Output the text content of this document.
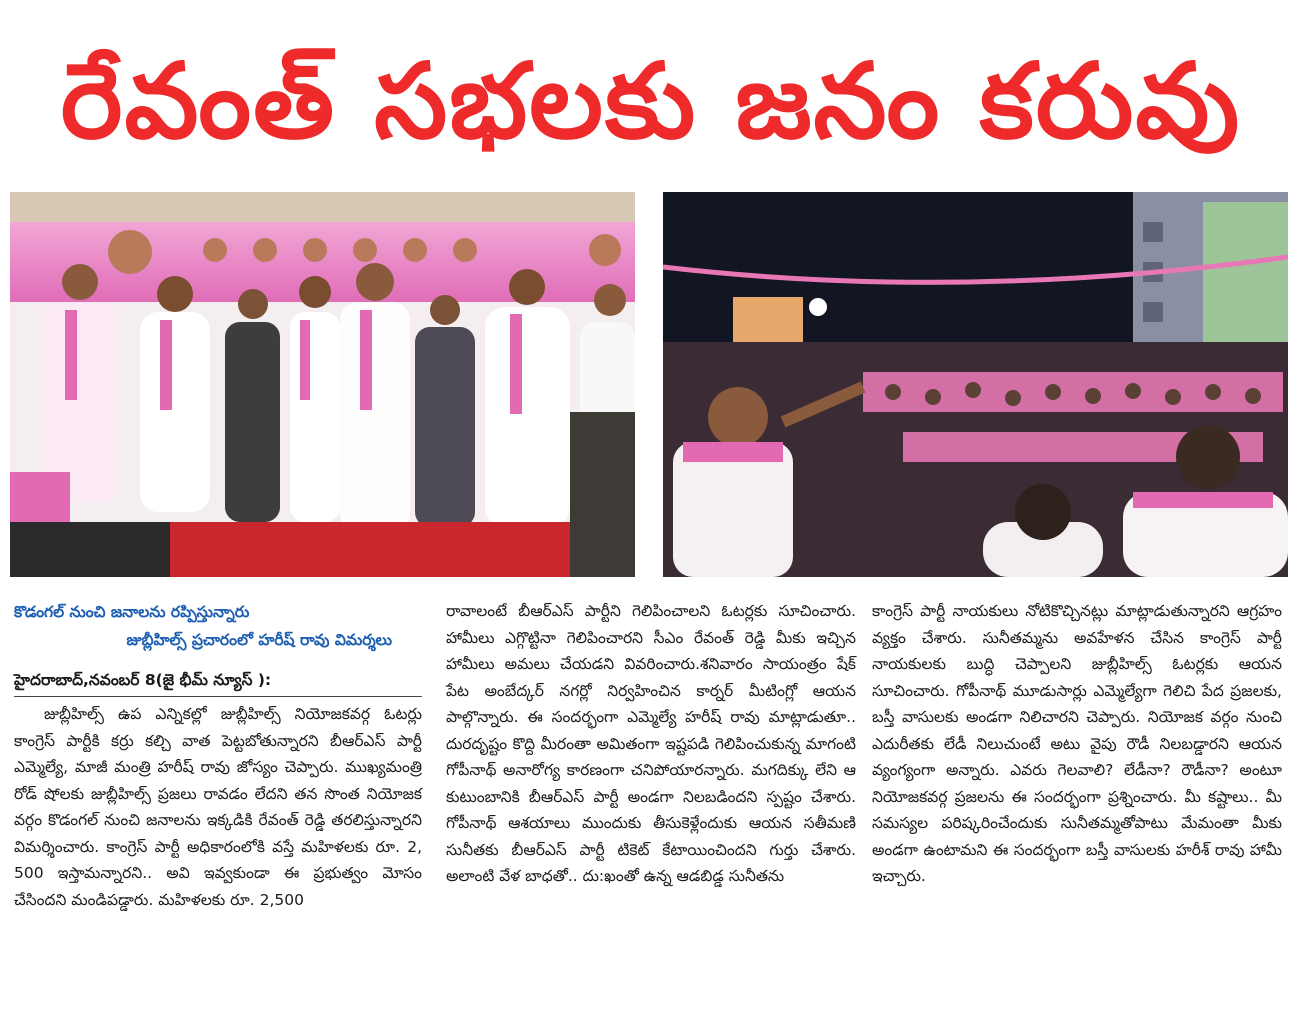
రేవంత్ సభలకు జనం కరువు
కొడంగల్ నుంచి జనాలను రప్పిస్తున్నారు
జుబ్లీహిల్స్ ప్రచారంలో హరీష్ రావు విమర్శలు
హైదరాబాద్,నవంబర్ 8(జై భీమ్ న్యూస్ ):

జుబ్లీహిల్స్ ఉప ఎన్నికల్లో జుబ్లీహిల్స్ నియోజకవర్గ ఓటర్లు కాంగ్రెస్ పార్టీకి కర్రు కల్చి వాత పెట్టబోతున్నారని బీఆర్ఎస్ పార్టీ ఎమ్మెల్యే, మాజీ మంత్రి హరీష్ రావు జోస్యం చెప్పారు. ముఖ్యమంత్రి రోడ్ షోలకు జుబ్లీహిల్స్ ప్రజలు రావడం లేదని తన సొంత నియోజక వర్గం కొడంగల్ నుంచి జనాలను ఇక్కడికి రేవంత్ రెడ్డి తరలిస్తున్నారని విమర్శించారు. కాంగ్రెస్ పార్టీ అధికారంలోకి వస్తే మహిళలకు రూ. 2, 500 ఇస్తామన్నారని.. అవి ఇవ్వకుండా ఈ ప్రభుత్వం మోసం చేసిందని మండిపడ్డారు. మహిళలకు రూ. 2,500

రావాలంటే బీఆర్ఎస్ పార్టీని గెలిపించాలని ఓటర్లకు సూచించారు. హామీలు ఎగ్గొట్టినా గెలిపించారని సీఎం రేవంత్ రెడ్డి మీకు ఇచ్చిన హామీలు అమలు చేయడని వివరించారు.శనివారం సాయంత్రం షేక్ పేట అంబేద్కర్ నగర్లో నిర్వహించిన కార్నర్ మీటింగ్లో ఆయన పాల్గొన్నారు. ఈ సందర్భంగా ఎమ్మెల్యే హరీష్ రావు మాట్లాడుతూ.. దురదృష్టం కొద్ది మీరంతా అమితంగా ఇష్టపడి గెలిపించుకున్న మాగంటి గోపీనాథ్ అనారోగ్య కారణంగా చనిపోయారన్నారు. మగదిక్కు లేని ఆ కుటుంబానికి బీఆర్ఎస్ పార్టీ అండగా నిలబడిందని స్పష్టం చేశారు. గోపీనాథ్ ఆశయాలు ముందుకు తీసుకెళ్లేందుకు ఆయన సతీమణి సునీతకు బీఆర్ఎస్ పార్టీ టికెట్ కేటాయించిందని గుర్తు చేశారు. అలాంటి వేళ బాధతో.. దు:ఖంతో ఉన్న ఆడబిడ్డ సునీతను

కాంగ్రెస్ పార్టీ నాయకులు నోటికొచ్చినట్లు మాట్లాడుతున్నారని ఆగ్రహం వ్యక్తం చేశారు. సునీతమ్మను అవహేళన చేసిన కాంగ్రెస్ పార్టీ నాయకులకు బుద్ధి చెప్పాలని జుబ్లీహిల్స్ ఓటర్లకు ఆయన సూచించారు. గోపీనాథ్ మూడుసార్లు ఎమ్మెల్యేగా గెలిచి పేద ప్రజలకు, బస్తీ వాసులకు అండగా నిలిచారని చెప్పారు. నియోజక వర్గం నుంచి ఎదురీతకు లేడీ నిలుచుంటే అటు వైపు రౌడీ నిలబడ్డారని ఆయన వ్యంగ్యంగా అన్నారు. ఎవరు గెలవాలి? లేడీనా? రౌడీనా? అంటూ నియోజకవర్గ ప్రజలను ఈ సందర్భంగా ప్రశ్నించారు. మీ కష్టాలు.. మీ సమస్యల పరిష్కరించేందుకు సునీతమ్మతోపాటు మేమంతా మీకు అండగా ఉంటామని ఈ సందర్భంగా బస్తీ వాసులకు హరీశ్ రావు హామీ ఇచ్చారు.
